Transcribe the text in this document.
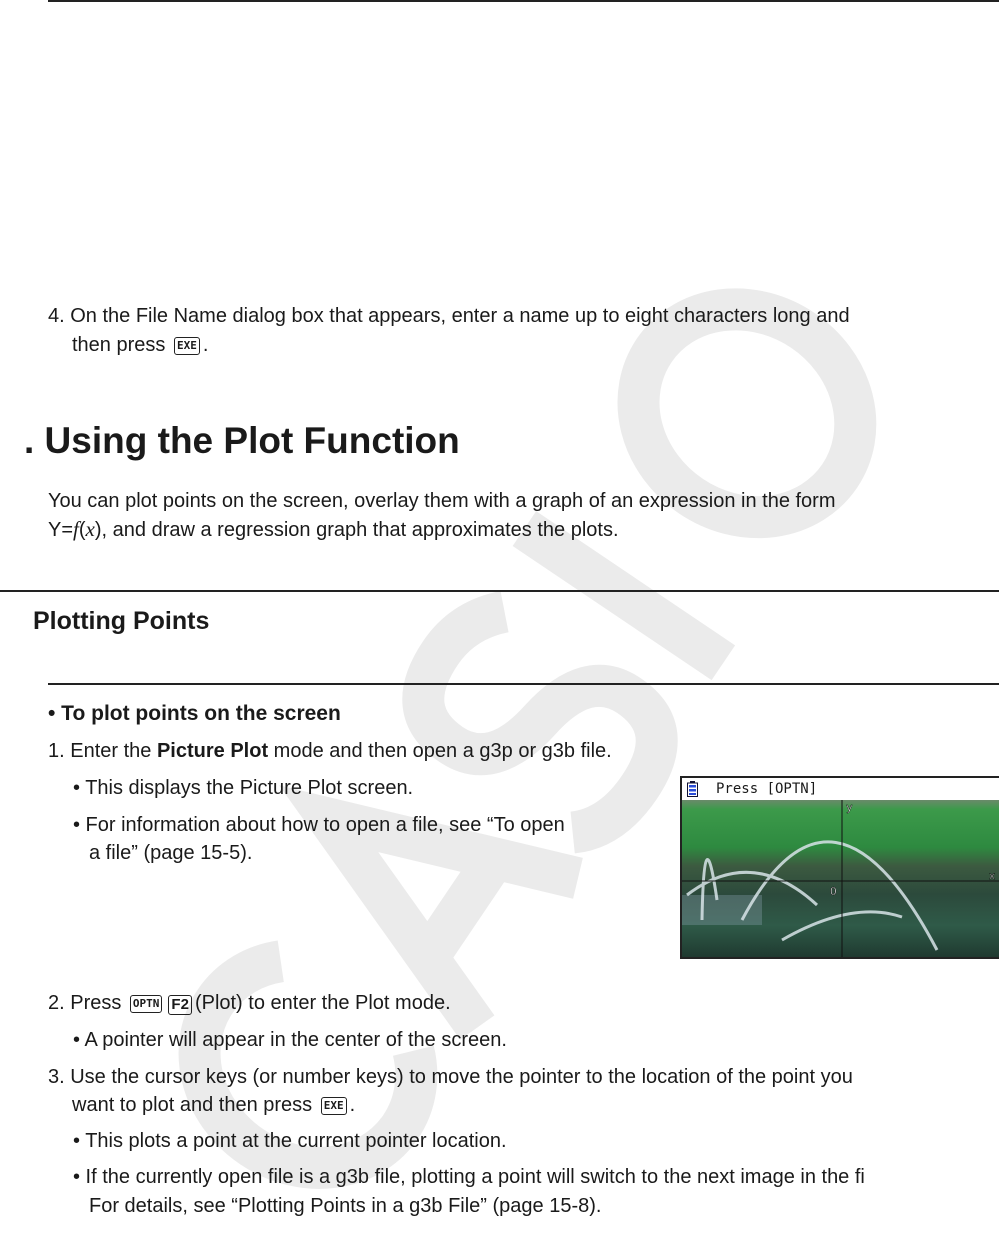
4. On the File Name dialog box that appears, enter a name up to eight characters long and
then press EXE .
. Using the Plot Function
You can plot points on the screen, overlay them with a graph of an expression in the form
Y=f(x), and draw a regression graph that approximates the plots.
Plotting Points
• To plot points on the screen
1. Enter the Picture Plot mode and then open a g3p or g3b file.
• This displays the Picture Plot screen.
• For information about how to open a file, see “To open
a file” (page 15-5).
Press [OPTN]
y
x
O
2. Press OPTN F2 (Plot) to enter the Plot mode.
• A pointer will appear in the center of the screen.
3. Use the cursor keys (or number keys) to move the pointer to the location of the point you
want to plot and then press EXE .
• This plots a point at the current pointer location.
• If the currently open file is a g3b file, plotting a point will switch to the next image in the fi
For details, see “Plotting Points in a g3b File” (page 15-8).
